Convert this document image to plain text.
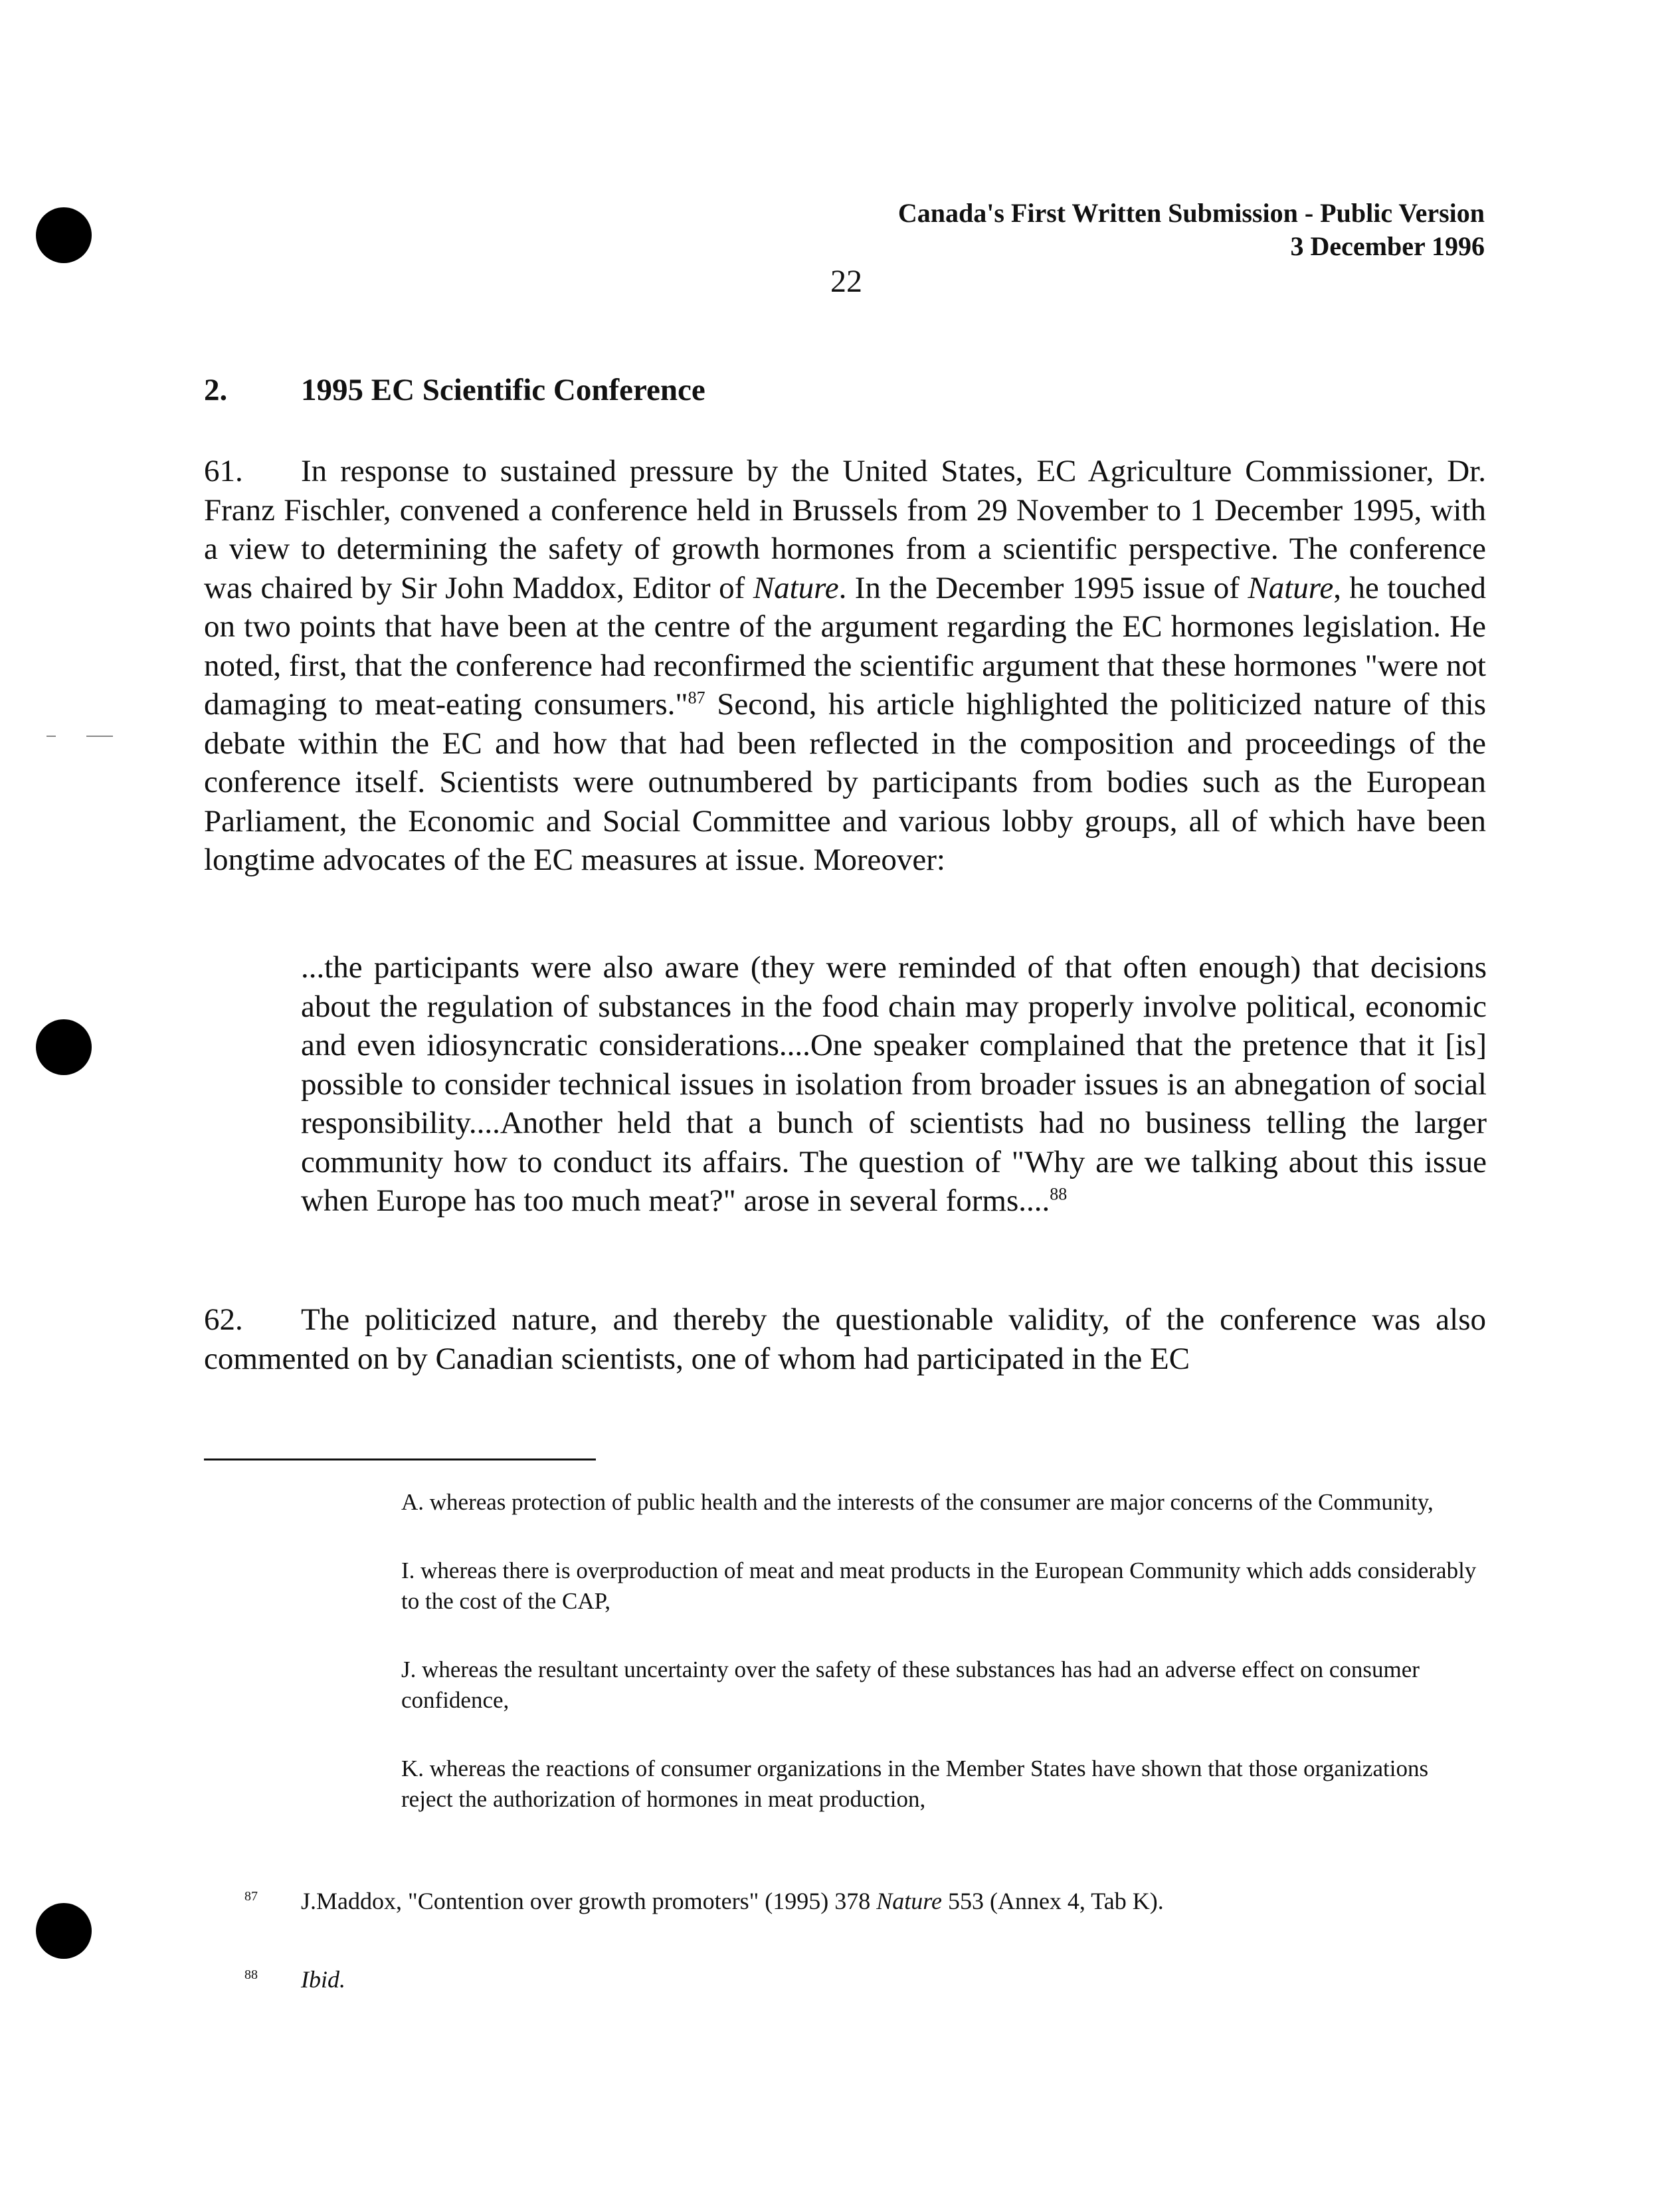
Canada's First Written Submission - Public Version
3 December 1996
22
2. 1995 EC Scientific Conference
61. In response to sustained pressure by the United States, EC Agriculture Commissioner, Dr. Franz Fischler, convened a conference held in Brussels from 29 November to 1 December 1995, with a view to determining the safety of growth hormones from a scientific perspective. The conference was chaired by Sir John Maddox, Editor of Nature. In the December 1995 issue of Nature, he touched on two points that have been at the centre of the argument regarding the EC hormones legislation. He noted, first, that the conference had reconfirmed the scientific argument that these hormones "were not damaging to meat-eating consumers."$^{87}$ Second, his article highlighted the politicized nature of this debate within the EC and how that had been reflected in the composition and proceedings of the conference itself. Scientists were outnumbered by participants from bodies such as the European Parliament, the Economic and Social Committee and various lobby groups, all of which have been longtime advocates of the EC measures at issue. Moreover:
...the participants were also aware (they were reminded of that often enough) that decisions about the regulation of substances in the food chain may properly involve political, economic and even idiosyncratic considerations....One speaker complained that the pretence that it [is] possible to consider technical issues in isolation from broader issues is an abnegation of social responsibility....Another held that a bunch of scientists had no business telling the larger community how to conduct its affairs. The question of "Why are we talking about this issue when Europe has too much meat?" arose in several forms....$^{88}$
62. The politicized nature, and thereby the questionable validity, of the conference was also commented on by Canadian scientists, one of whom had participated in the EC
A. whereas protection of public health and the interests of the consumer are major concerns of the Community,
I. whereas there is overproduction of meat and meat products in the European Community which adds considerably to the cost of the CAP,
J. whereas the resultant uncertainty over the safety of these substances has had an adverse effect on consumer confidence,
K. whereas the reactions of consumer organizations in the Member States have shown that those organizations reject the authorization of hormones in meat production,
87 J.Maddox, "Contention over growth promoters" (1995) 378 Nature 553 (Annex 4, Tab K).
88 Ibid.
